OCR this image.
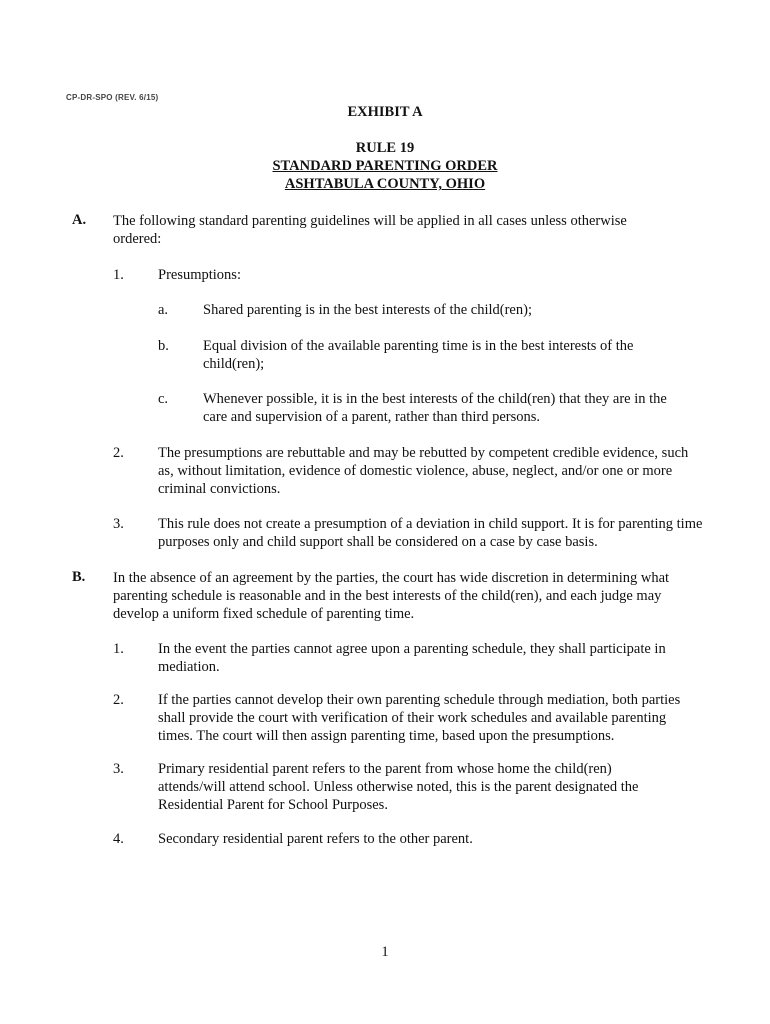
CP-DR-SPO (REV. 6/15)
EXHIBIT A
RULE 19
STANDARD PARENTING ORDER
ASHTABULA COUNTY, OHIO
A. The following standard parenting guidelines will be applied in all cases unless otherwise ordered:
1. Presumptions:
a. Shared parenting is in the best interests of the child(ren);
b. Equal division of the available parenting time is in the best interests of the child(ren);
c. Whenever possible, it is in the best interests of the child(ren) that they are in the care and supervision of a parent, rather than third persons.
2. The presumptions are rebuttable and may be rebutted by competent credible evidence, such as, without limitation, evidence of domestic violence, abuse, neglect, and/or one or more criminal convictions.
3. This rule does not create a presumption of a deviation in child support. It is for parenting time purposes only and child support shall be considered on a case by case basis.
B. In the absence of an agreement by the parties, the court has wide discretion in determining what parenting schedule is reasonable and in the best interests of the child(ren), and each judge may develop a uniform fixed schedule of parenting time.
1. In the event the parties cannot agree upon a parenting schedule, they shall participate in mediation.
2. If the parties cannot develop their own parenting schedule through mediation, both parties shall provide the court with verification of their work schedules and available parenting times. The court will then assign parenting time, based upon the presumptions.
3. Primary residential parent refers to the parent from whose home the child(ren) attends/will attend school. Unless otherwise noted, this is the parent designated the Residential Parent for School Purposes.
4. Secondary residential parent refers to the other parent.
1
